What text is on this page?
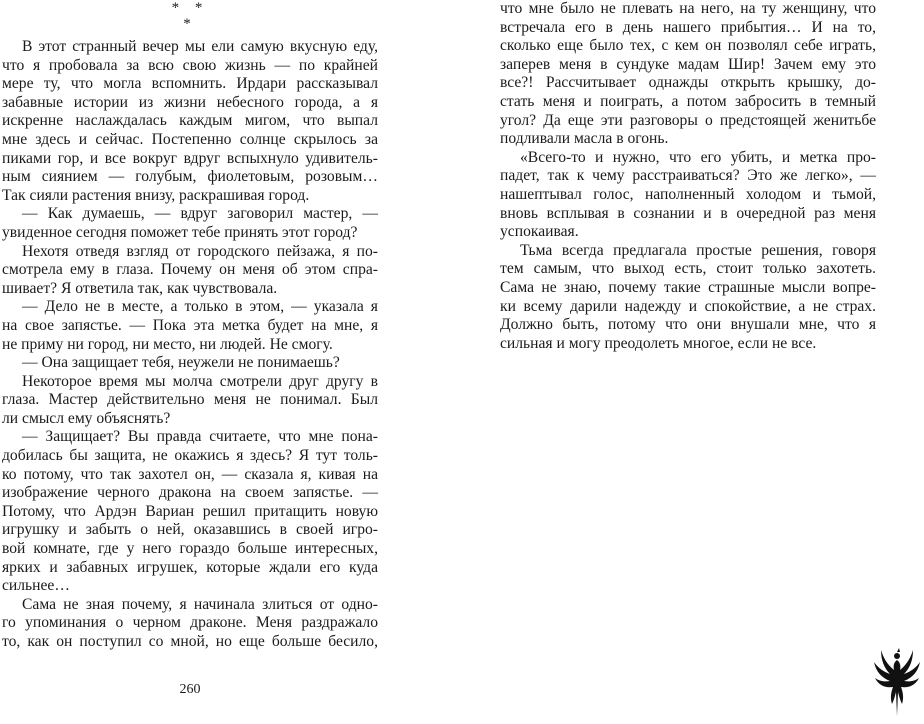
* * *
В этот странный вечер мы ели самую вкусную еду,
что я пробовала за всю свою жизнь — по крайней
мере ту, что могла вспомнить. Ирдари рассказывал
забавные истории из жизни небесного города, а я
искренне наслаждалась каждым мигом, что выпал
мне здесь и сейчас. Постепенно солнце скрылось за
пиками гор, и все вокруг вдруг вспыхнуло удивитель-
ным сиянием — голубым, фиолетовым, розовым…
Так сияли растения внизу, раскрашивая город.
— Как думаешь, — вдруг заговорил мастер, —
увиденное сегодня поможет тебе принять этот город?
Нехотя отведя взгляд от городского пейзажа, я по-
смотрела ему в глаза. Почему он меня об этом спра-
шивает? Я ответила так, как чувствовала.
— Дело не в месте, а только в этом, — указала я
на свое запястье. — Пока эта метка будет на мне, я
не приму ни город, ни место, ни людей. Не смогу.
— Она защищает тебя, неужели не понимаешь?
Некоторое время мы молча смотрели друг другу в
глаза. Мастер действительно меня не понимал. Был
ли смысл ему объяснять?
— Защищает? Вы правда считаете, что мне пона-
добилась бы защита, не окажись я здесь? Я тут толь-
ко потому, что так захотел он, — сказала я, кивая на
изображение черного дракона на своем запястье. —
Потому, что Ардэн Вариан решил притащить новую
игрушку и забыть о ней, оказавшись в своей игро-
вой комнате, где у него гораздо больше интересных,
ярких и забавных игрушек, которые ждали его куда
сильнее…
Сама не зная почему, я начинала злиться от одно-
го упоминания о черном драконе. Меня раздражало
то, как он поступил со мной, но еще больше бесило,
260
что мне было не плевать на него, на ту женщину, что
встречала его в день нашего прибытия… И на то,
сколько еще было тех, с кем он позволял себе играть,
заперев меня в сундуке мадам Шир! Зачем ему это
все?! Рассчитывает однажды открыть крышку, до-
стать меня и поиграть, а потом забросить в темный
угол? Да еще эти разговоры о предстоящей женитьбе
подливали масла в огонь.
«Всего-то и нужно, что его убить, и метка про-
падет, так к чему расстраиваться? Это же легко», —
нашептывал голос, наполненный холодом и тьмой,
вновь всплывая в сознании и в очередной раз меня
успокаивая.
Тьма всегда предлагала простые решения, говоря
тем самым, что выход есть, стоит только захотеть.
Сама не знаю, почему такие страшные мысли вопре-
ки всему дарили надежду и спокойствие, а не страх.
Должно быть, потому что они внушали мне, что я
сильная и могу преодолеть многое, если не все.
